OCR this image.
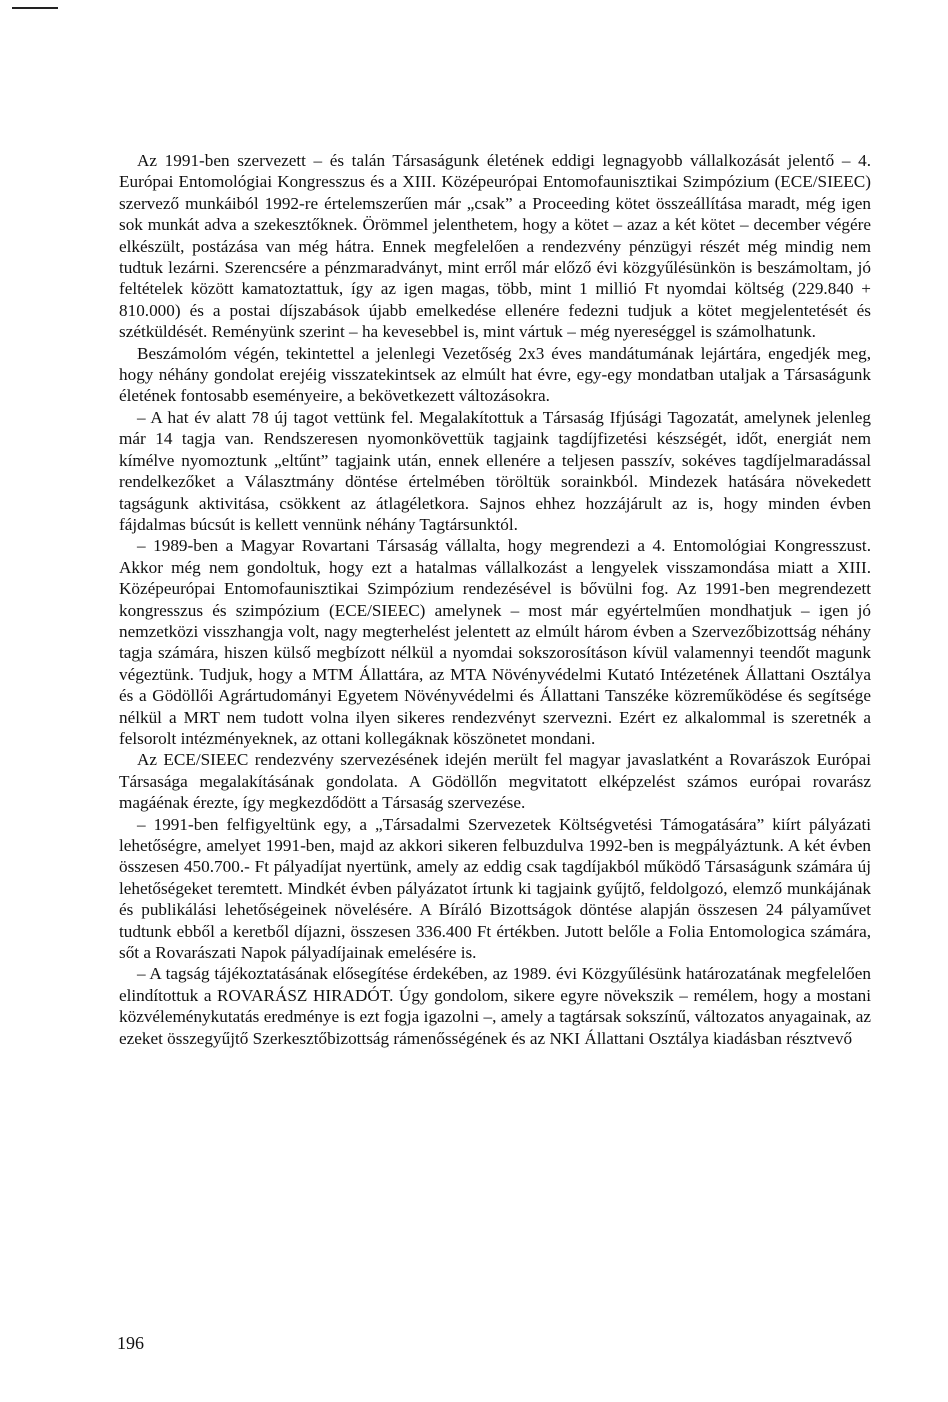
Az 1991-ben szervezett – és talán Társaságunk életének eddigi legnagyobb vállalkozását jelentő – 4. Európai Entomológiai Kongresszus és a XIII. Középeurópai Entomofaunisztikai Szimpózium (ECE/SIEEC) szervező munkáiból 1992-re értelemszerűen már „csak” a Proceeding kötet összeállítása maradt, még igen sok munkát adva a szekesztőknek. Örömmel jelenthetem, hogy a kötet – azaz a két kötet – december végére elkészült, postázása van még hátra. Ennek megfelelően a rendezvény pénzügyi részét még mindig nem tudtuk lezárni. Szerencsére a pénzmaradványt, mint erről már előző évi közgyűlésünkön is beszámoltam, jó feltételek között kamatoztattuk, így az igen magas, több, mint 1 millió Ft nyomdai költség (229.840 + 810.000) és a postai díjszabások újabb emelkedése ellenére fedezni tudjuk a kötet megjelentetését és szétküldését. Reményünk szerint – ha kevesebbel is, mint vártuk – még nyereséggel is számolhatunk.

Beszámolóm végén, tekintettel a jelenlegi Vezetőség 2x3 éves mandátumának lejártára, engedjék meg, hogy néhány gondolat erejéig visszatekintsek az elmúlt hat évre, egy-egy mondatban utaljak a Társaságunk életének fontosabb eseményeire, a bekövetkezett változásokra.

– A hat év alatt 78 új tagot vettünk fel. Megalakítottuk a Társaság Ifjúsági Tagozatát, amelynek jelenleg már 14 tagja van. Rendszeresen nyomonkövettük tagjaink tagdíjfizetési készségét, időt, energiát nem kímélve nyomoztunk „eltűnt” tagjaink után, ennek ellenére a teljesen passzív, sokéves tagdíjelmaradással rendelkezőket a Választmány döntése értelmében töröltük sorainkból. Mindezek hatására növekedett tagságunk aktivitása, csökkent az átlagéletkora. Sajnos ehhez hozzájárult az is, hogy minden évben fájdalmas búcsút is kellett vennünk néhány Tagtársunktól.

– 1989-ben a Magyar Rovartani Társaság vállalta, hogy megrendezi a 4. Entomológiai Kongresszust. Akkor még nem gondoltuk, hogy ezt a hatalmas vállalkozást a lengyelek visszamondása miatt a XIII. Középeurópai Entomofaunisztikai Szimpózium rendezésével is bővülni fog. Az 1991-ben megrendezett kongresszus és szimpózium (ECE/SIEEC) amelynek – most már egyértelműen mondhatjuk – igen jó nemzetközi visszhangja volt, nagy megterhelést jelentett az elmúlt három évben a Szervezőbizottság néhány tagja számára, hiszen külső megbízott nélkül a nyomdai sokszorosításon kívül valamennyi teendőt magunk végeztünk. Tudjuk, hogy a MTM Állattára, az MTA Növényvédelmi Kutató Intézetének Állattani Osztálya és a Gödöllői Agrártudományi Egyetem Növényvédelmi és Állattani Tanszéke közreműködése és segítsége nélkül a MRT nem tudott volna ilyen sikeres rendezvényt szervezni. Ezért ez alkalommal is szeretnék a felsorolt intézményeknek, az ottani kollegáknak köszönetet mondani.

Az ECE/SIEEC rendezvény szervezésének idején merült fel magyar javaslatként a Rovarászok Európai Társasága megalakításának gondolata. A Gödöllőn megvitatott elképzelést számos európai rovarász magáénak érezte, így megkezdődött a Társaság szervezése.

– 1991-ben felfigyeltünk egy, a „Társadalmi Szervezetek Költségvetési Támogatására” kiírt pályázati lehetőségre, amelyet 1991-ben, majd az akkori sikeren felbuzdulva 1992-ben is megpályáztunk. A két évben összesen 450.700.- Ft pályadíjat nyertünk, amely az eddig csak tagdíjakból működő Társaságunk számára új lehetőségeket teremtett. Mindkét évben pályázatot írtunk ki tagjaink gyűjtő, feldolgozó, elemző munkájának és publikálási lehetőségeinek növelésére. A Bíráló Bizottságok döntése alapján összesen 24 pályaművet tudtunk ebből a keretből díjazni, összesen 336.400 Ft értékben. Jutott belőle a Folia Entomologica számára, sőt a Rovarászati Napok pályadíjainak emelésére is.

– A tagság tájékoztatásának elősegítése érdekében, az 1989. évi Közgyűlésünk határozatának megfelelően elindítottuk a ROVARÁSZ HIRADÓT. Úgy gondolom, sikere egyre növekszik – remélem, hogy a mostani közvéleménykutatás eredménye is ezt fogja igazolni –, amely a tagtársak sokszínű, változatos anyagainak, az ezeket összegyűjtő Szerkesztőbizottság rámenősségének és az NKI Állattani Osztálya kiadásban résztvevő

196
